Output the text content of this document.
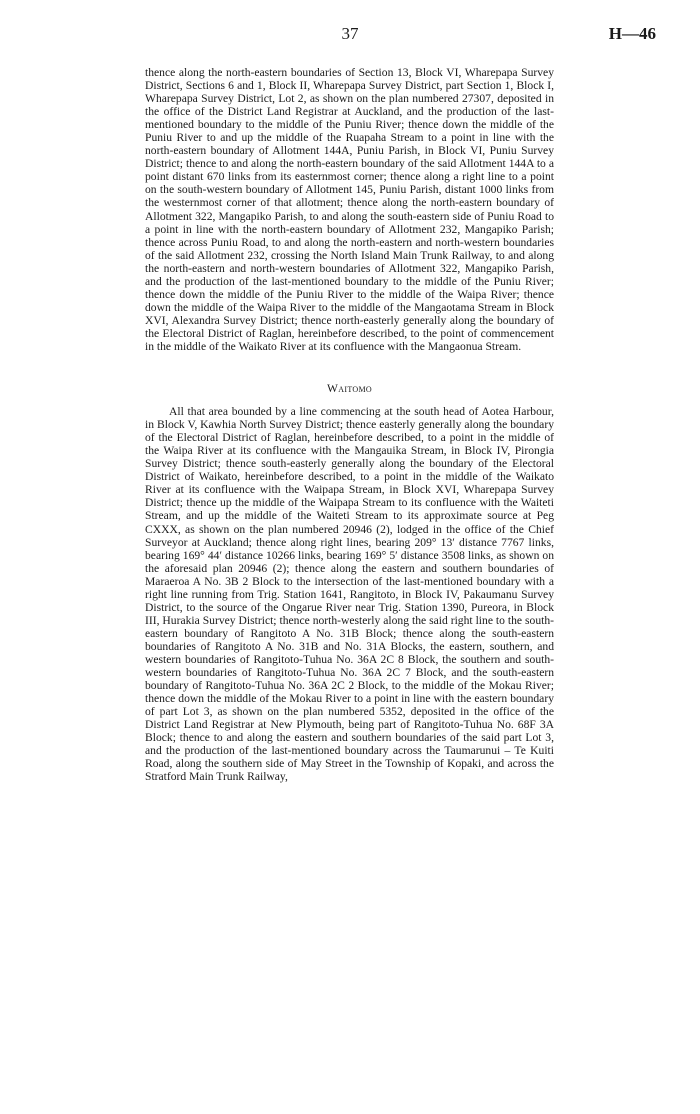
37	H—46

thence along the north-eastern boundaries of Section 13, Block VI, Wharepapa Survey District, Sections 6 and 1, Block II, Wharepapa Survey District, part Section 1, Block I, Wharepapa Survey District, Lot 2, as shown on the plan numbered 27307, deposited in the office of the District Land Registrar at Auckland, and the production of the last-mentioned boundary to the middle of the Puniu River; thence down the middle of the Puniu River to and up the middle of the Ruapaha Stream to a point in line with the north-eastern boundary of Allotment 144A, Puniu Parish, in Block VI, Puniu Survey District; thence to and along the north-eastern boundary of the said Allotment 144A to a point distant 670 links from its easternmost corner; thence along a right line to a point on the south-western boundary of Allotment 145, Puniu Parish, distant 1000 links from the westernmost corner of that allotment; thence along the north-eastern boundary of Allotment 322, Mangapiko Parish, to and along the south-eastern side of Puniu Road to a point in line with the north-eastern boundary of Allotment 232, Mangapiko Parish; thence across Puniu Road, to and along the north-eastern and north-western boundaries of the said Allotment 232, crossing the North Island Main Trunk Railway, to and along the north-eastern and north-western boundaries of Allotment 322, Mangapiko Parish, and the production of the last-mentioned boundary to the middle of the Puniu River; thence down the middle of the Puniu River to the middle of the Waipa River; thence down the middle of the Waipa River to the middle of the Mangaotama Stream in Block XVI, Alexandra Survey District; thence north-easterly generally along the boundary of the Electoral District of Raglan, hereinbefore described, to the point of commencement in the middle of the Waikato River at its confluence with the Mangaonua Stream.

Waitomo

All that area bounded by a line commencing at the south head of Aotea Harbour, in Block V, Kawhia North Survey District; thence easterly generally along the boundary of the Electoral District of Raglan, hereinbefore described, to a point in the middle of the Waipa River at its confluence with the Mangauika Stream, in Block IV, Pirongia Survey District; thence south-easterly generally along the boundary of the Electoral District of Waikato, hereinbefore described, to a point in the middle of the Waikato River at its confluence with the Waipapa Stream, in Block XVI, Wharepapa Survey District; thence up the middle of the Waipapa Stream to its confluence with the Waiteti Stream, and up the middle of the Waiteti Stream to its approximate source at Peg CXXX, as shown on the plan numbered 20946 (2), lodged in the office of the Chief Surveyor at Auckland; thence along right lines, bearing 209° 13′ distance 7767 links, bearing 169° 44′ distance 10266 links, bearing 169° 5′ distance 3508 links, as shown on the aforesaid plan 20946 (2); thence along the eastern and southern boundaries of Maraeroa A No. 3B 2 Block to the intersection of the last-mentioned boundary with a right line running from Trig. Station 1641, Rangitoto, in Block IV, Pakaumanu Survey District, to the source of the Ongarue River near Trig. Station 1390, Pureora, in Block III, Hurakia Survey District; thence north-westerly along the said right line to the south-eastern boundary of Rangitoto A No. 31B Block; thence along the south-eastern boundaries of Rangitoto A No. 31B and No. 31A Blocks, the eastern, southern, and western boundaries of Rangitoto-Tuhua No. 36A 2C 8 Block, the southern and south-western boundaries of Rangitoto-Tuhua No. 36A 2C 7 Block, and the south-eastern boundary of Rangitoto-Tuhua No. 36A 2C 2 Block, to the middle of the Mokau River; thence down the middle of the Mokau River to a point in line with the eastern boundary of part Lot 3, as shown on the plan numbered 5352, deposited in the office of the District Land Registrar at New Plymouth, being part of Rangitoto-Tuhua No. 68F 3A Block; thence to and along the eastern and southern boundaries of the said part Lot 3, and the production of the last-mentioned boundary across the Taumarunui – Te Kuiti Road, along the southern side of May Street in the Township of Kopaki, and across the Stratford Main Trunk Railway,
